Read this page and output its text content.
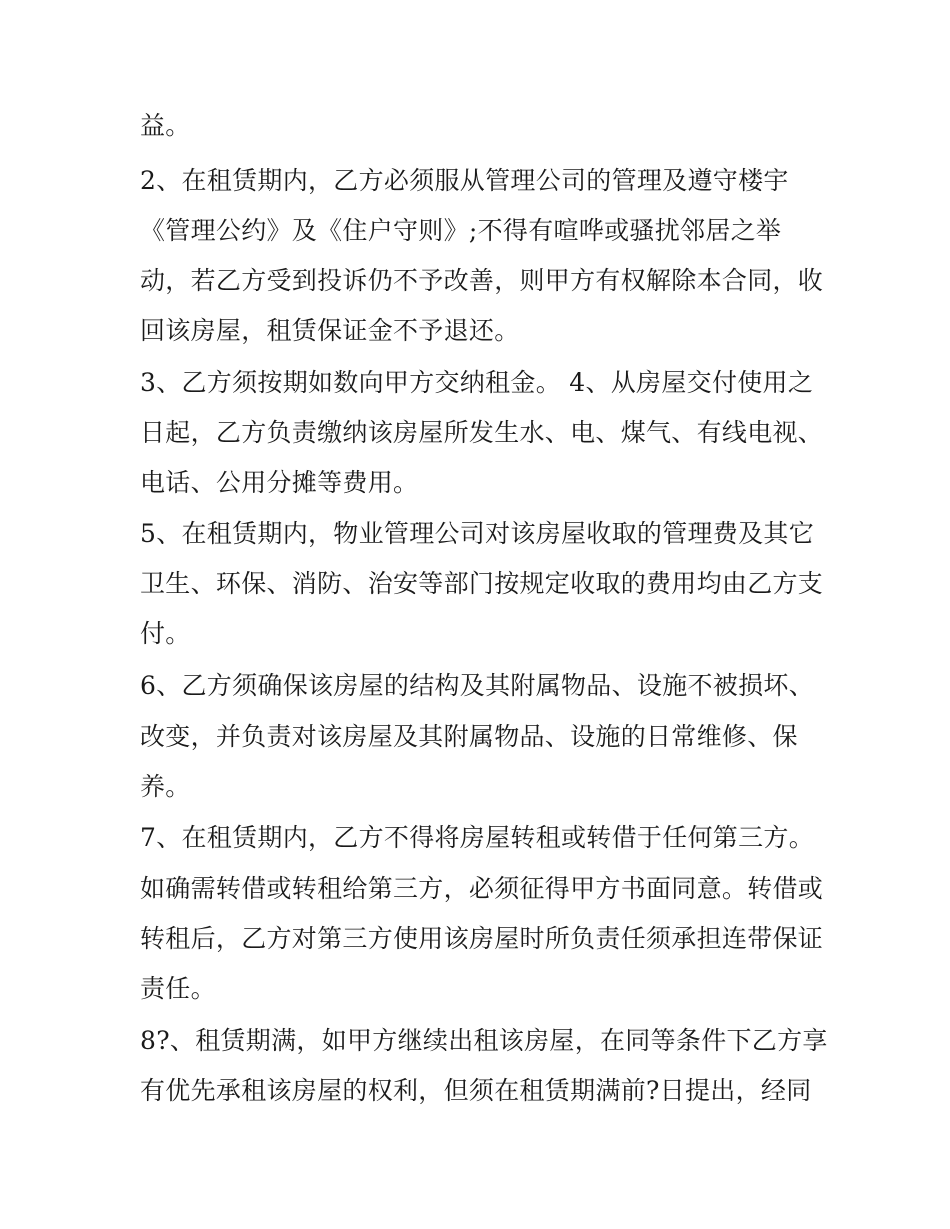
益。
2、在租赁期内，乙方必须服从管理公司的管理及遵守楼宇
《管理公约》及《住户守则》;不得有喧哗或骚扰邻居之举
动，若乙方受到投诉仍不予改善，则甲方有权解除本合同，收
回该房屋，租赁保证金不予退还。
3、乙方须按期如数向甲方交纳租金。 4、从房屋交付使用之
日起，乙方负责缴纳该房屋所发生水、电、煤气、有线电视、
电话、公用分摊等费用。
5、在租赁期内，物业管理公司对该房屋收取的管理费及其它
卫生、环保、消防、治安等部门按规定收取的费用均由乙方支
付。
6、乙方须确保该房屋的结构及其附属物品、设施不被损坏、
改变，并负责对该房屋及其附属物品、设施的日常维修、保
养。
7、在租赁期内，乙方不得将房屋转租或转借于任何第三方。
如确需转借或转租给第三方，必须征得甲方书面同意。转借或
转租后，乙方对第三方使用该房屋时所负责任须承担连带保证
责任。
8?、租赁期满，如甲方继续出租该房屋，在同等条件下乙方享
有优先承租该房屋的权利，但须在租赁期满前?日提出，经同
